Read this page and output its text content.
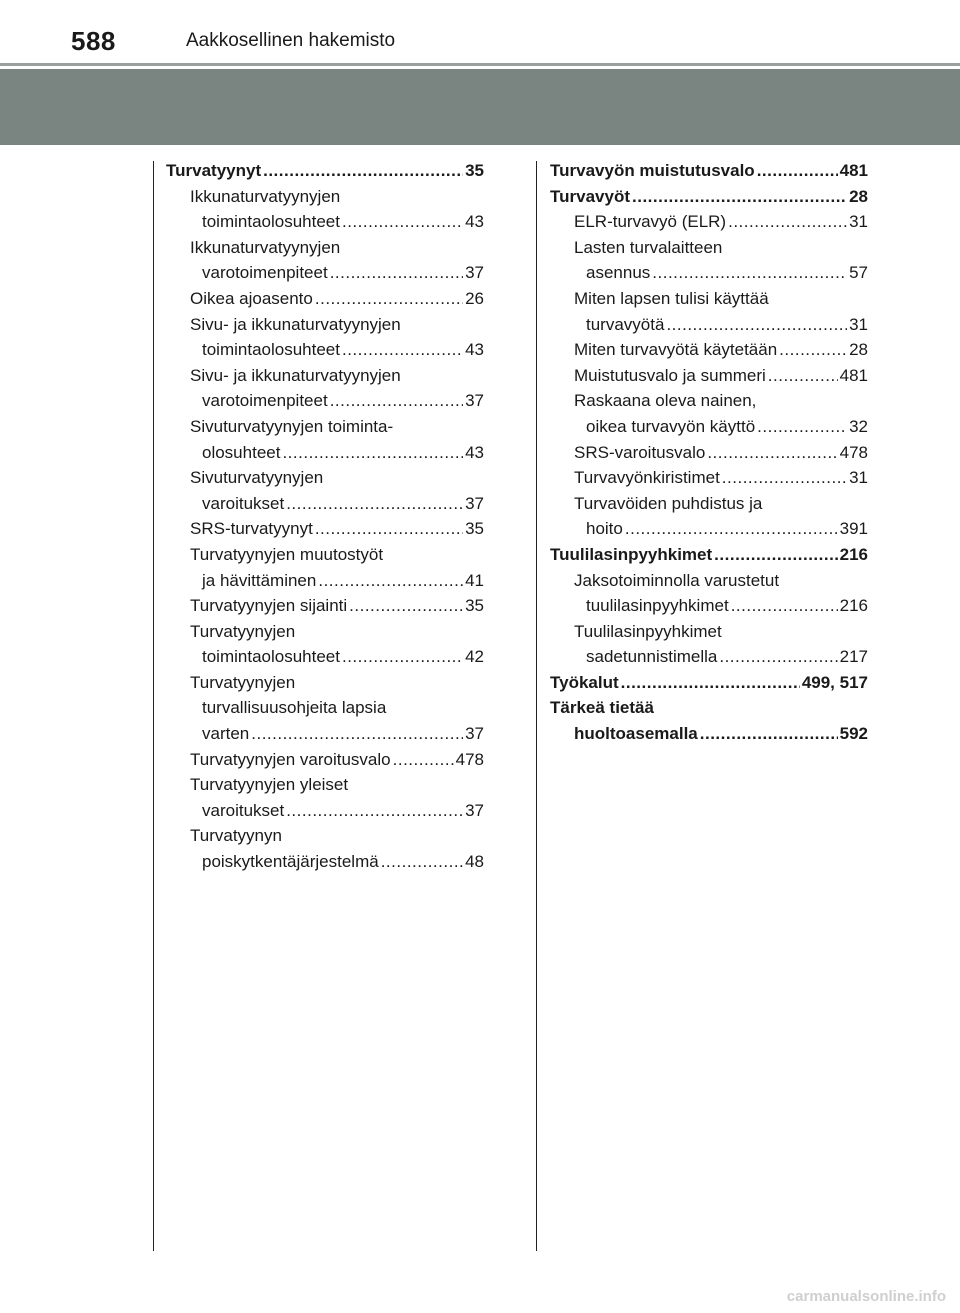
588	Aakkosellinen hakemisto
Turvatyynyt .....	35
Ikkunaturvatyynyjen
toimintaolosuhteet .....	43
Ikkunaturvatyynyjen
varotoimenpiteet .....	37
Oikea ajoasento .....	26
Sivu- ja ikkunaturvatyynyjen
toimintaolosuhteet .....	43
Sivu- ja ikkunaturvatyynyjen
varotoimenpiteet .....	37
Sivuturvatyynyjen toiminta-
olosuhteet .....	43
Sivuturvatyynyjen
varoitukset .....	37
SRS-turvatyynyt .....	35
Turvatyynyjen muutostyöt
ja hävittäminen .....	41
Turvatyynyjen sijainti .....	35
Turvatyynyjen
toimintaolosuhteet .....	42
Turvatyynyjen
turvallisuusohjeita lapsia
varten .....	37
Turvatyynyjen varoitusvalo .....	478
Turvatyynyjen yleiset
varoitukset .....	37
Turvatyynyn
poiskytkentäjärjestelmä .....	48
Turvavyön muistutusvalo .....	481
Turvavyöt .....	28
ELR-turvavyö (ELR) .....	31
Lasten turvalaitteen
asennus .....	57
Miten lapsen tulisi käyttää
turvavyötä .....	31
Miten turvavyötä käytetään .....	28
Muistutusvalo ja summeri .....	481
Raskaana oleva nainen,
oikea turvavyön käyttö .....	32
SRS-varoitusvalo .....	478
Turvavyönkiristimet .....	31
Turvavöiden puhdistus ja
hoito .....	391
Tuulilasinpyyhkimet .....	216
Jaksotoiminnolla varustetut
tuulilasinpyyhkimet .....	216
Tuulilasinpyyhkimet
sadetunnistimella .....	217
Työkalut .....	499, 517
Tärkeä tietää
huoltoasemalla .....	592
carmanualsonline.info
